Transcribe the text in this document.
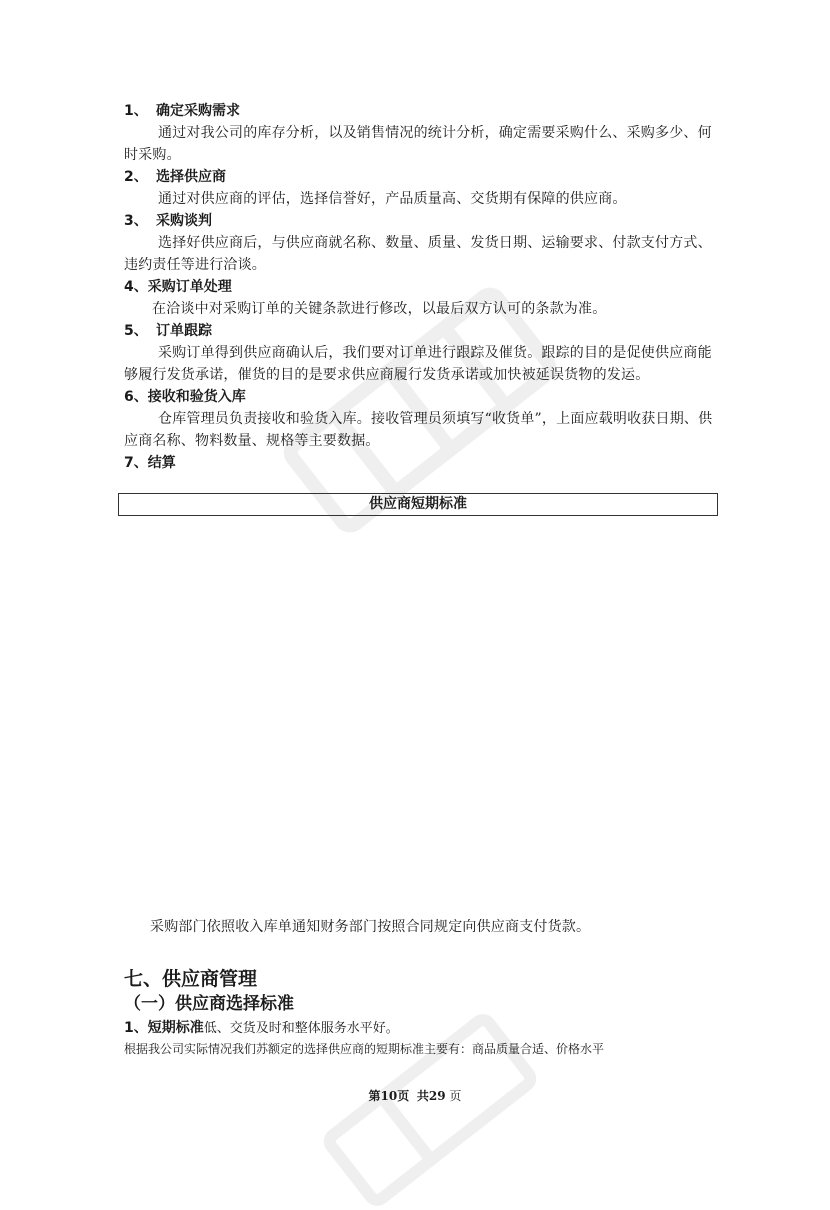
1、 确定采购需求

通过对我公司的库存分析，以及销售情况的统计分析，确定需要采购什么、采购多少、何时采购。

2、 选择供应商

通过对供应商的评估，选择信誉好，产品质量高、交货期有保障的供应商。

3、 采购谈判

选择好供应商后，与供应商就名称、数量、质量、发货日期、运输要求、付款支付方式、违约责任等进行洽谈。

4、采购订单处理

在洽谈中对采购订单的关键条款进行修改，以最后双方认可的条款为准。

5、 订单跟踪

采购订单得到供应商确认后，我们要对订单进行跟踪及催货。跟踪的目的是促使供应商能够履行发货承诺，催货的目的是要求供应商履行发货承诺或加快被延误货物的发运。

6、接收和验货入库

仓库管理员负责接收和验货入库。接收管理员须填写“收货单”，上面应载明收获日期、供应商名称、物料数量、规格等主要数据。

7、结算

供应商短期标准
采购部门依照收入库单通知财务部门按照合同规定向供应商支付货款。
七、供应商管理
（一）供应商选择标准
1、短期标准低、交货及时和整体服务水平好。
根据我公司实际情况我们苏额定的选择供应商的短期标准主要有：商品质量合适、价格水平
第10页 共29 页
